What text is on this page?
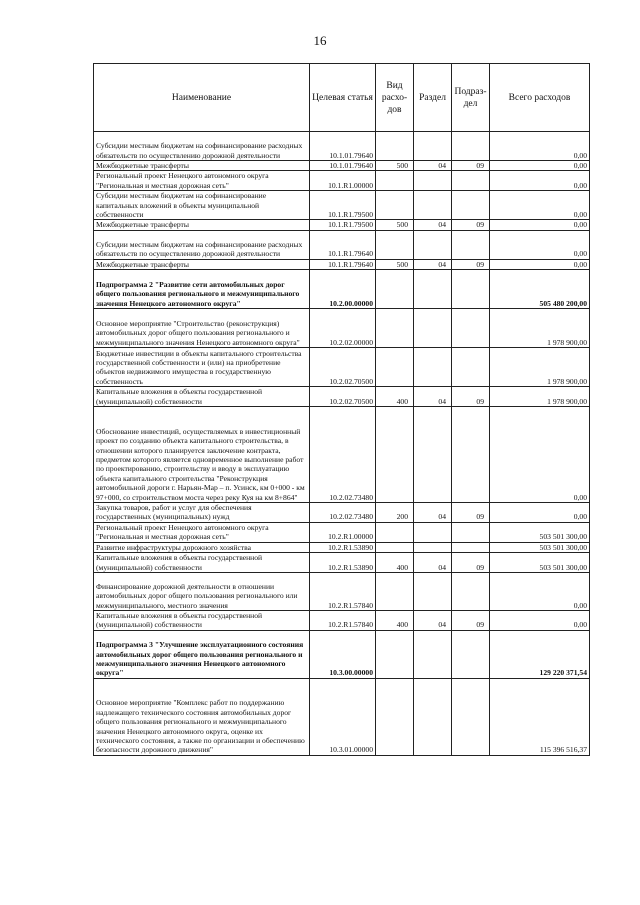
16
Наименование	Целевая статья	Вид расхо-дов	Раздел	Подраз-дел	Всего расходов
Субсидии местным бюджетам на софинансирование расходных обязательств по осуществлению дорожной деятельности	10.1.01.79640				0,00
Межбюджетные трансферты	10.1.01.79640	500	04	09	0,00
Региональный проект Ненецкого автономного округа "Региональная и местная дорожная сеть"	10.1.R1.00000				0,00
Субсидии местным бюджетам на софинансирование капитальных вложений в объекты муниципальной собственности	10.1.R1.79500				0,00
Межбюджетные трансферты	10.1.R1.79500	500	04	09	0,00
Субсидии местным бюджетам на софинансирование расходных обязательств по осуществлению дорожной деятельности	10.1.R1.79640				0,00
Межбюджетные трансферты	10.1.R1.79640	500	04	09	0,00
Подпрограмма 2 "Развитие сети автомобильных дорог общего пользования регионального и межмуниципального значения Ненецкого автономного округа"	10.2.00.00000				505 480 200,00
Основное мероприятие "Строительство (реконструкция) автомобильных дорог общего пользования регионального и межмуниципального значения Ненецкого автономного округа"	10.2.02.00000				1 978 900,00
Бюджетные инвестиции в объекты капитального строительства государственной собственности и (или) на приобретение объектов недвижимого имущества в государственную собственность	10.2.02.70500				1 978 900,00
Капитальные вложения в объекты государственной (муниципальной) собственности	10.2.02.70500	400	04	09	1 978 900,00
Обоснование инвестиций, осуществляемых в инвестиционный проект по созданию объекта капитального строительства, в отношении которого планируется заключение контракта, предметом которого является одновременное выполнение работ по проектированию, строительству и вводу в эксплуатацию объекта капитального строительства "Реконструкция автомобильной дороги г. Нарьян-Мар – п. Усинск, км 0+000 - км 97+000, со строительством моста через реку Куя на км 8+864"	10.2.02.73480				0,00
Закупка товаров, работ и услуг для обеспечения государственных (муниципальных) нужд	10.2.02.73480	200	04	09	0,00
Региональный проект Ненецкого автономного округа "Региональная и местная дорожная сеть"	10.2.R1.00000				503 501 300,00
Развитие инфраструктуры дорожного хозяйства	10.2.R1.53890				503 501 300,00
Капитальные вложения в объекты государственной (муниципальной) собственности	10.2.R1.53890	400	04	09	503 501 300,00
Финансирование дорожной деятельности в отношении автомобильных дорог общего пользования регионального или межмуниципального, местного значения	10.2.R1.57840				0,00
Капитальные вложения в объекты государственной (муниципальной) собственности	10.2.R1.57840	400	04	09	0,00
Подпрограмма 3 "Улучшение эксплуатационного состояния автомобильных дорог общего пользования регионального и межмуниципального значения Ненецкого автономного округа"	10.3.00.00000				129 220 371,54
Основное мероприятие "Комплекс работ по поддержанию надлежащего технического состояния автомобильных дорог общего пользования регионального и межмуниципального значения Ненецкого автономного округа, оценке их технического состояния, а также по организации и обеспечению безопасности дорожного движения"	10.3.01.00000				115 396 516,37
